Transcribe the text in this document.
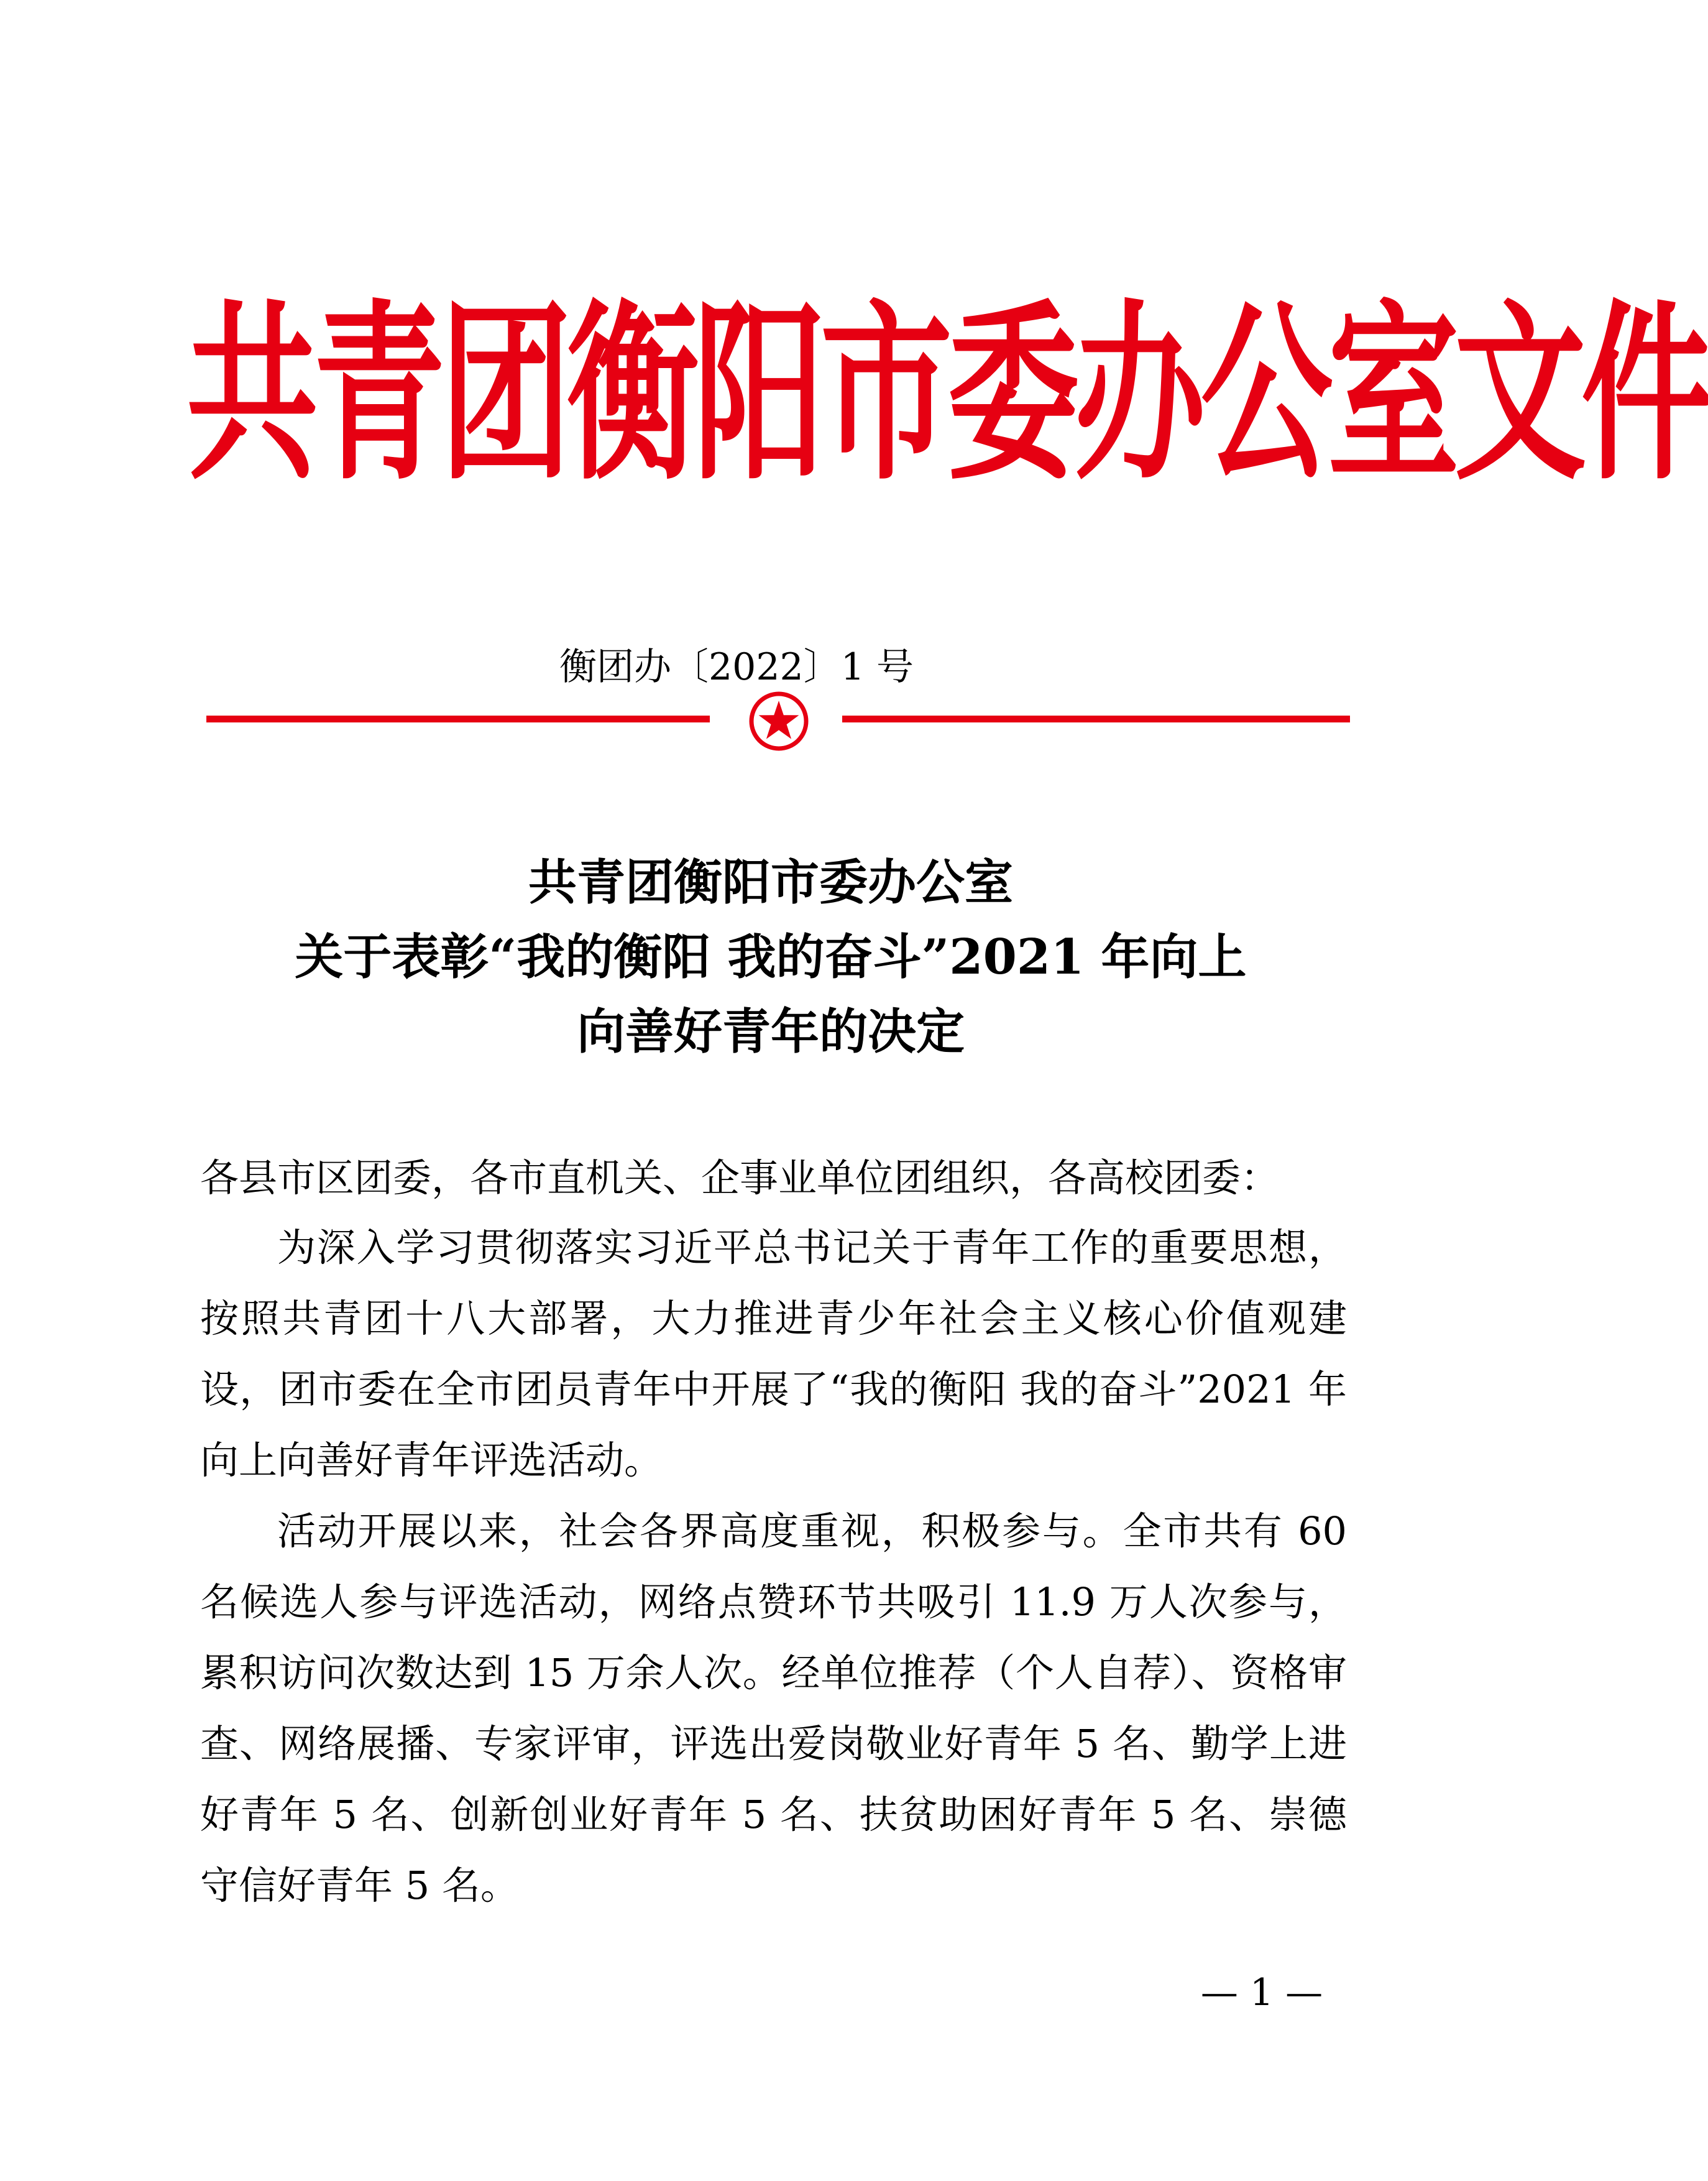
共青团衡阳市委办公室文件
衡团办〔2022〕1 号
共青团衡阳市委办公室
关于表彰“我的衡阳 我的奋斗”2021 年向上
向善好青年的决定
各县市区团委，各市直机关、企事业单位团组织，各高校团委：
为深入学习贯彻落实习近平总书记关于青年工作的重要思想，按照共青团十八大部署，大力推进青少年社会主义核心价值观建设，团市委在全市团员青年中开展了“我的衡阳 我的奋斗”2021 年向上向善好青年评选活动。
活动开展以来，社会各界高度重视，积极参与。全市共有 60 名候选人参与评选活动，网络点赞环节共吸引 11.9 万人次参与，累积访问次数达到 15 万余人次。经单位推荐（个人自荐）、资格审查、网络展播、专家评审，评选出爱岗敬业好青年 5 名、勤学上进好青年 5 名、创新创业好青年 5 名、扶贫助困好青年 5 名、崇德守信好青年 5 名。
— 1 —
